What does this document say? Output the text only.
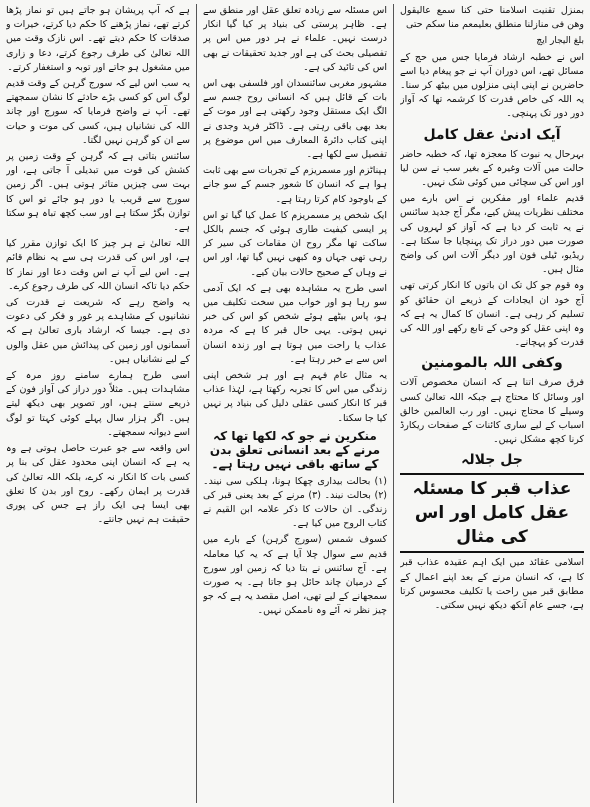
بمنزل تقنیت اسلامنا حتی کنا سمع عالیقول وھن فی منازلنا منطلق بعلیمعم منا سکم حتی

بلغ الیجار ایچ

اس نے خطبہ ارشاد فرمایا جس میں حج کے مسائل تھے، اس دوران آپ نے جو پیغام دیا اسے حاضرین نے اپنی اپنی منزلوں میں بیٹھ کر سنا۔ یہ اللہ کی خاص قدرت کا کرشمہ تھا کہ آواز دور دور تک پہنچی۔

آیک ادنیٰ عقل کامل

بہرحال یہ نبوت کا معجزہ تھا، کہ خطبہ حاضر حالت میں آلات وغیرہ کے بغیر سب نے سن لیا اور اس کی سچائی میں کوئی شک نہیں۔

قدیم علماء اور مفکرین نے اس بارے میں مختلف نظریات پیش کیے، مگر آج جدید سائنس نے یہ ثابت کر دیا ہے کہ آواز کو لہروں کی صورت میں دور دراز تک پہنچایا جا سکتا ہے۔ ریڈیو، ٹیلی فون اور دیگر آلات اس کی واضح مثال ہیں۔

وہ قوم جو کل تک ان باتوں کا انکار کرتی تھی آج خود ان ایجادات کے ذریعے ان حقائق کو تسلیم کر رہی ہے۔ انسان کا کمال یہ ہے کہ وہ اپنی عقل کو وحی کے تابع رکھے اور اللہ کی قدرت کو پہچانے۔

وکفی اللہ بالمومنین

فرق صرف اتنا ہے کہ انسان مخصوص آلات اور وسائل کا محتاج ہے جبکہ اللہ تعالیٰ کسی وسیلے کا محتاج نہیں۔ اور رب العالمین خالق اسباب کے لیے ساری کائنات کے صفحات ریکارڈ کرنا کچھ مشکل نہیں۔

جل جلالہ
عذاب قبر کا مسئلہ عقل کامل اور اس کی مثال

اسلامی عقائد میں ایک اہم عقیدہ عذاب قبر کا ہے، کہ انسان مرنے کے بعد اپنے اعمال کے مطابق قبر میں راحت یا تکلیف محسوس کرتا ہے، جسے عام آنکھ دیکھ نہیں سکتی۔

اس مسئلہ سے زیادہ تعلق عقل اور منطق سے ہے۔ ظاہر پرستی کی بنیاد پر کیا گیا انکار درست نہیں۔ علماء نے ہر دور میں اس پر تفصیلی بحث کی ہے اور جدید تحقیقات نے بھی اس کی تائید کی ہے۔

مشہور مغربی سائنسدان اور فلسفی بھی اس بات کے قائل ہیں کہ انسانی روح جسم سے الگ ایک مستقل وجود رکھتی ہے اور موت کے بعد بھی باقی رہتی ہے۔ ڈاکٹر فرید وجدی نے اپنی کتاب دائرۃ المعارف میں اس موضوع پر تفصیل سے لکھا ہے۔

ہپناٹزم اور مسمریزم کے تجربات سے بھی ثابت ہوا ہے کہ انسان کا شعور جسم کے سو جانے کے باوجود کام کرتا رہتا ہے۔

ایک شخص پر مسمریزم کا عمل کیا گیا تو اس پر ایسی کیفیت طاری ہوئی کہ جسم بالکل ساکت تھا مگر روح ان مقامات کی سیر کر رہی تھی جہاں وہ کبھی نہیں گیا تھا، اور اس نے وہاں کے صحیح حالات بیان کیے۔

اسی طرح یہ مشاہدہ بھی ہے کہ ایک آدمی سو رہا ہو اور خواب میں سخت تکلیف میں ہو، پاس بیٹھے ہوئے شخص کو اس کی خبر نہیں ہوتی۔ یہی حال قبر کا ہے کہ مردہ عذاب یا راحت میں ہوتا ہے اور زندہ انسان اس سے بے خبر رہتا ہے۔

یہ مثال عام فہم ہے اور ہر شخص اپنی زندگی میں اس کا تجربہ رکھتا ہے، لہٰذا عذاب قبر کا انکار کسی عقلی دلیل کی بنیاد پر نہیں کیا جا سکتا۔

منکرین نے جو کہ لکھا تھا کہ مرنے کے بعد انسانی تعلق بدن کے ساتھ باقی نہیں رہتا ہے۔

(۱) بحالت بیداری چھکا ہونا، ہلکی سی نیند۔ (۲) بحالت نیند۔ (۳) مرنے کے بعد یعنی قبر کی زندگی۔ ان حالات کا ذکر علامہ ابن القیم نے کتاب الروح میں کیا ہے۔

کسوف شمس (سورج گرہن) کے بارے میں قدیم سے سوال چلا آیا ہے کہ یہ کیا معاملہ ہے۔ آج سائنس نے بتا دیا کہ زمین اور سورج کے درمیان چاند حائل ہو جاتا ہے۔ یہ صورت سمجھانے کے لیے تھی، اصل مقصد یہ ہے کہ جو چیز نظر نہ آئے وہ ناممکن نہیں۔

ہے کہ آپ پریشان ہو جاتے ہیں تو نماز پڑھا کرتے تھے، نماز پڑھنے کا حکم دیا کرتے، خیرات و صدقات کا حکم دیتے تھے۔ اس نازک وقت میں اللہ تعالیٰ کی طرف رجوع کرتے، دعا و زاری میں مشغول ہو جاتے اور توبہ و استغفار کرتے۔

یہ سب اس لیے کہ سورج گرہن کے وقت قدیم لوگ اس کو کسی بڑے حادثے کا نشان سمجھتے تھے۔ آپ نے واضح فرمایا کہ سورج اور چاند اللہ کی نشانیاں ہیں، کسی کی موت و حیات سے ان کو گرہن نہیں لگتا۔

سائنس بتاتی ہے کہ گرہن کے وقت زمین پر کشش کی قوت میں تبدیلی آ جاتی ہے، اور بہت سی چیزیں متاثر ہوتی ہیں۔ اگر زمین سورج سے قریب یا دور ہو جائے تو اس کا توازن بگڑ سکتا ہے اور سب کچھ تباہ ہو سکتا ہے۔

اللہ تعالیٰ نے ہر چیز کا ایک توازن مقرر کیا ہے، اور اس کی قدرت ہی سے یہ نظام قائم ہے۔ اس لیے آپ نے اس وقت دعا اور نماز کا حکم دیا تاکہ انسان اللہ کی طرف رجوع کرے۔

یہ واضح رہے کہ شریعت نے قدرت کی نشانیوں کے مشاہدے پر غور و فکر کی دعوت دی ہے۔ جیسا کہ ارشاد باری تعالیٰ ہے کہ آسمانوں اور زمین کی پیدائش میں عقل والوں کے لیے نشانیاں ہیں۔

اسی طرح ہمارے سامنے روز مرہ کے مشاہدات ہیں۔ مثلاً دور دراز کی آواز فون کے ذریعے سنتے ہیں، اور تصویر بھی دیکھ لیتے ہیں۔ اگر ہزار سال پہلے کوئی کہتا تو لوگ اسے دیوانہ سمجھتے۔

اس واقعہ سے جو عبرت حاصل ہوتی ہے وہ یہ ہے کہ انسان اپنی محدود عقل کی بنا پر کسی بات کا انکار نہ کرے، بلکہ اللہ تعالیٰ کی قدرت پر ایمان رکھے۔ روح اور بدن کا تعلق بھی ایسا ہی ایک راز ہے جس کی پوری حقیقت ہم نہیں جانتے۔
